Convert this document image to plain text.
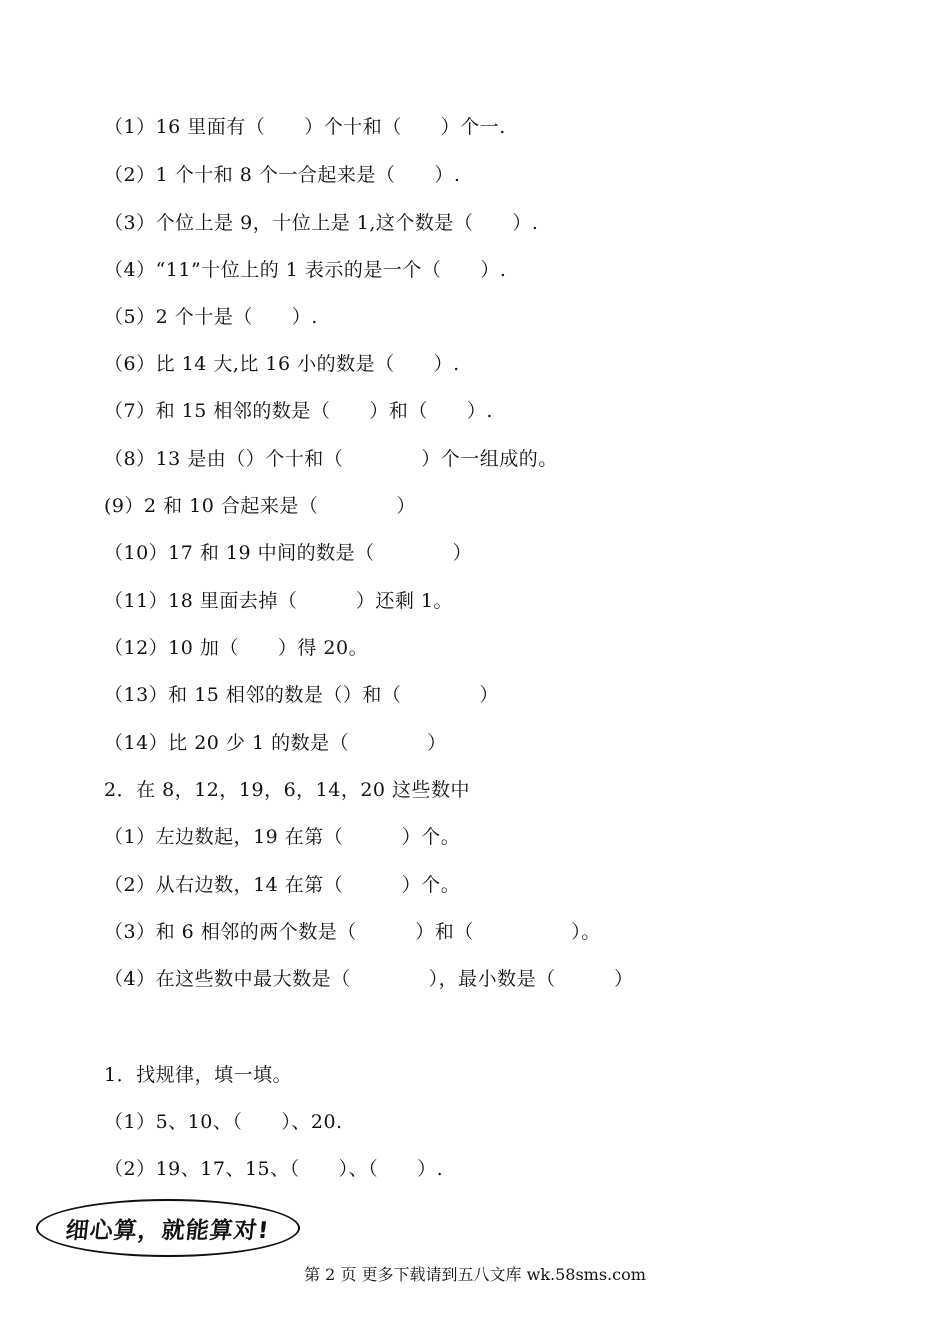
（1）16 里面有（　　）个十和（　　）个一.
（2）1 个十和 8 个一合起来是（　　）.
（3）个位上是 9，十位上是 1,这个数是（　　）.
（4）“11”十位上的 1 表示的是一个（　　）.
（5）2 个十是（　　）.
（6）比 14 大,比 16 小的数是（　　）.
（7）和 15 相邻的数是（　　）和（　　）.
（8）13 是由（）个十和（　　　　）个一组成的。
(9）2 和 10 合起来是（　　　　）
（10）17 和 19 中间的数是（　　　　）
（11）18 里面去掉（　　　）还剩 1。
（12）10 加（　　）得 20。
（13）和 15 相邻的数是（）和（　　　　）
（14）比 20 少 1 的数是（　　　　）
2．在 8，12，19，6，14，20 这些数中
（1）左边数起，19 在第（　　　）个。
（2）从右边数，14 在第（　　　）个。
（3）和 6 相邻的两个数是（　　　）和（　　　　　）。
（4）在这些数中最大数是（　　　　），最小数是（　　　）
1．找规律，填一填。
（1）5、10、（　　）、20.
（2）19、17、15、（　　）、（　　）.
细心算，就能算对!
第 2 页 更多下载请到五八文库 wk.58sms.com
